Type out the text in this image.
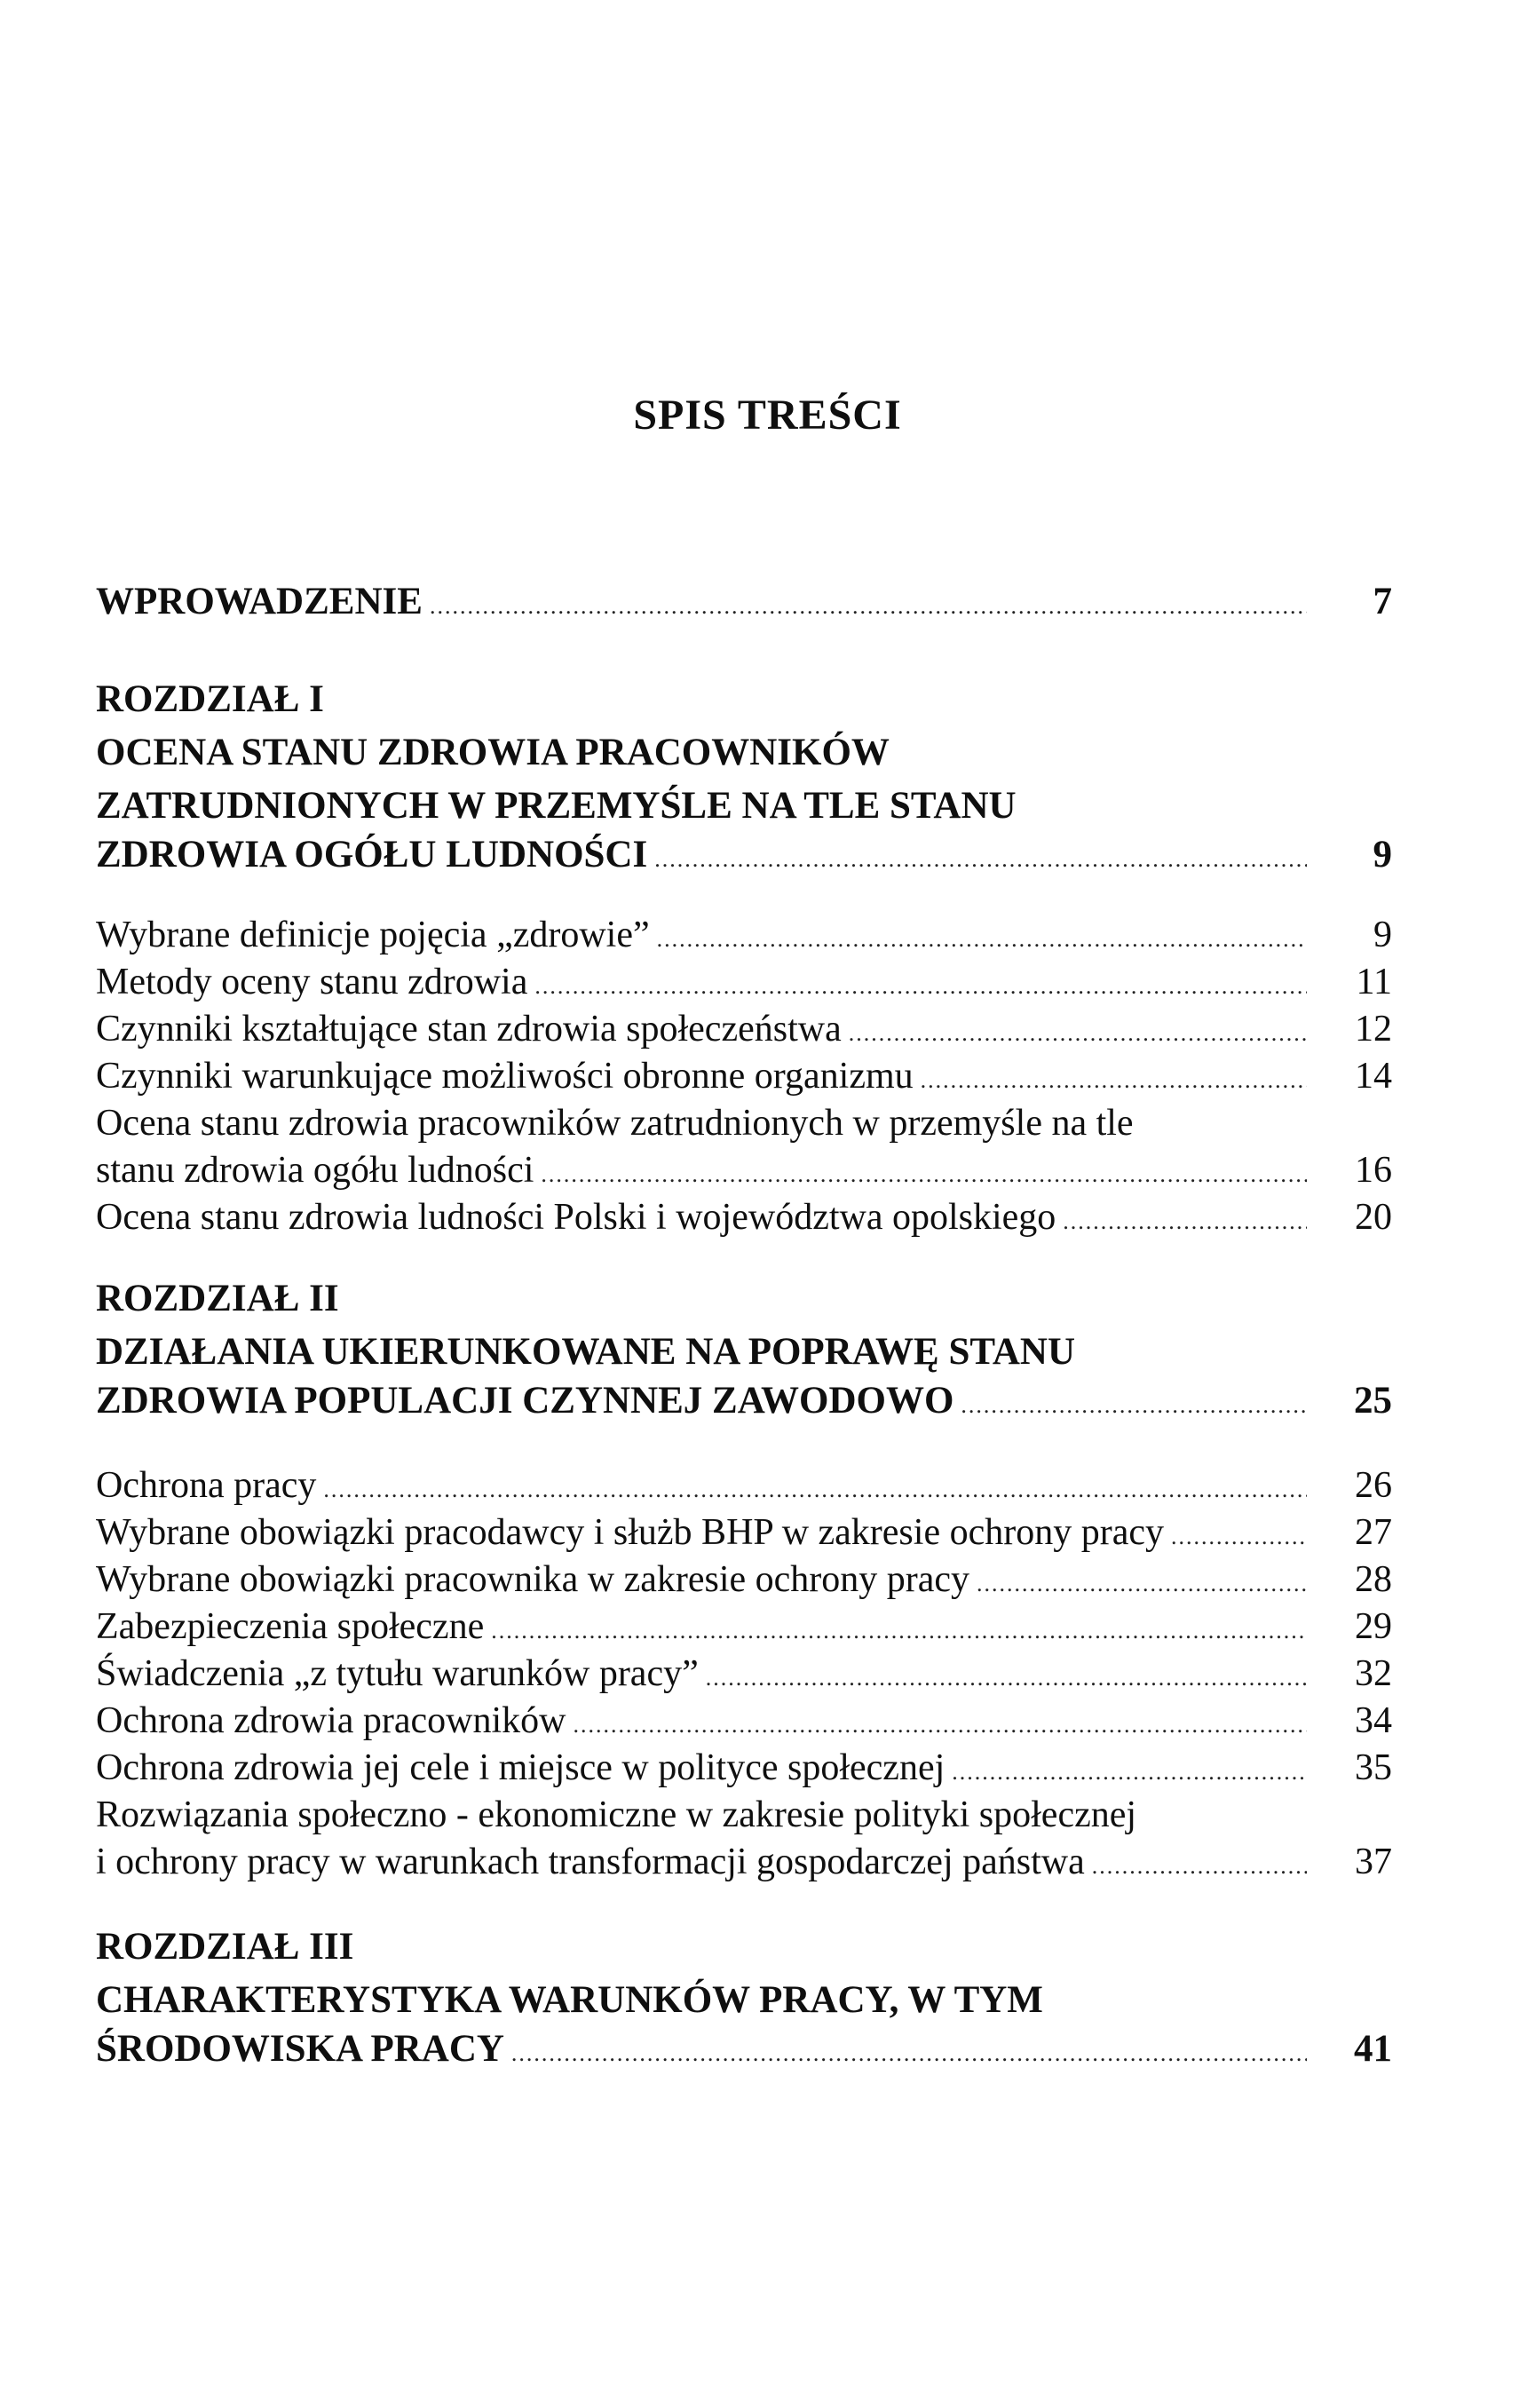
SPIS TREŚCI
WPROWADZENIE .....	7
ROZDZIAŁ I
OCENA STANU ZDROWIA PRACOWNIKÓW
ZATRUDNIONYCH W PRZEMYŚLE NA TLE STANU
ZDROWIA OGÓŁU LUDNOŚCI .....	9
Wybrane definicje pojęcia „zdrowie” .....	9
Metody oceny stanu zdrowia .....	11
Czynniki kształtujące stan zdrowia społeczeństwa .....	12
Czynniki warunkujące możliwości obronne organizmu .....	14
Ocena stanu zdrowia pracowników zatrudnionych w przemyśle na tle
stanu zdrowia ogółu ludności .....	16
Ocena stanu zdrowia ludności Polski i województwa opolskiego .....	20
ROZDZIAŁ II
DZIAŁANIA UKIERUNKOWANE NA POPRAWĘ STANU
ZDROWIA POPULACJI CZYNNEJ ZAWODOWO .....	25
Ochrona pracy .....	26
Wybrane obowiązki pracodawcy i służb BHP w zakresie ochrony pracy .....	27
Wybrane obowiązki pracownika w zakresie ochrony pracy .....	28
Zabezpieczenia społeczne .....	29
Świadczenia „z tytułu warunków pracy” .....	32
Ochrona zdrowia pracowników .....	34
Ochrona zdrowia jej cele i miejsce w polityce społecznej .....	35
Rozwiązania społeczno - ekonomiczne w zakresie polityki społecznej
i ochrony pracy w warunkach transformacji gospodarczej państwa .....	37
ROZDZIAŁ III
CHARAKTERYSTYKA WARUNKÓW PRACY, W TYM
ŚRODOWISKA PRACY .....	41
